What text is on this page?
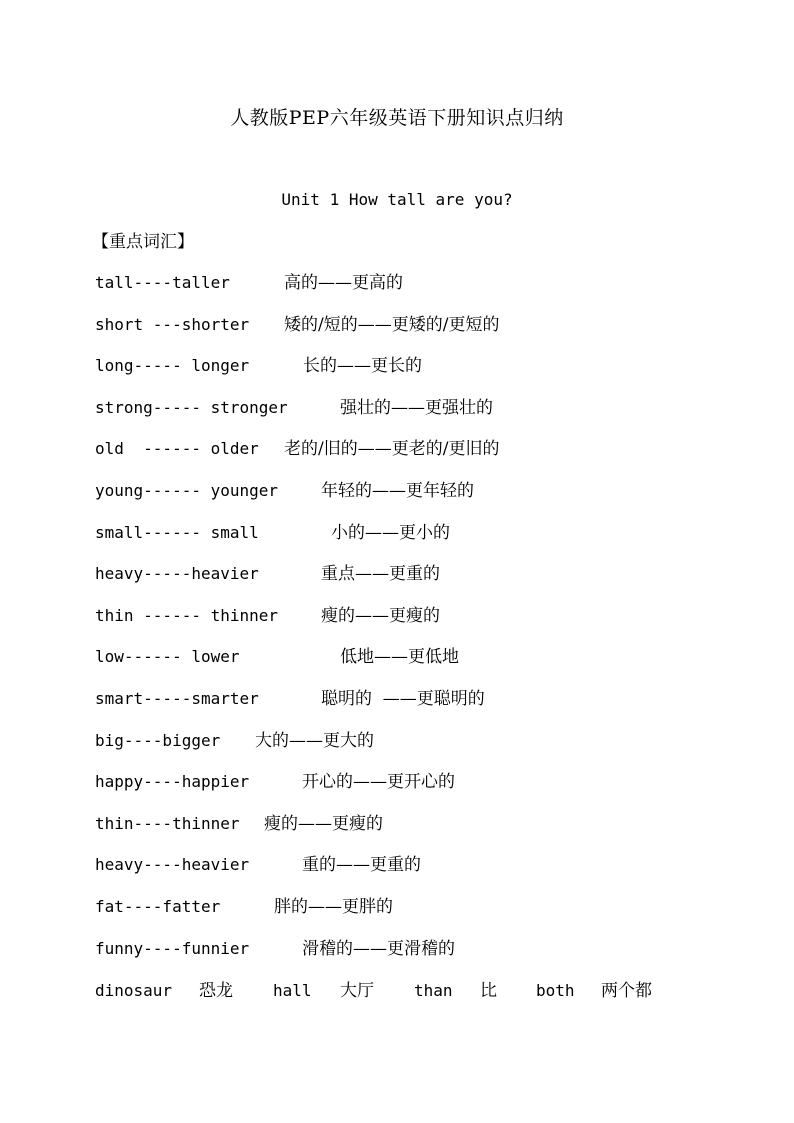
人教版PEP六年级英语下册知识点归纳
Unit 1 How tall are you?
【重点词汇】
tall----taller	高的——更高的
short ---shorter 矮的/短的——更矮的/更短的
long----- longer	长的——更长的
strong----- stronger	强壮的——更强壮的
old  ------ older 老的/旧的——更老的/更旧的
young------ younger	年轻的——更年轻的
small------ small	小的——更小的
heavy-----heavier	重点——更重的
thin ------ thinner	瘦的——更瘦的
low------ lower	低地——更低地
smart-----smarter	聪明的  ——更聪明的
big----bigger 大的——更大的
happy----happier	开心的——更开心的
thin----thinner 瘦的——更瘦的
heavy----heavier	重的——更重的
fat----fatter	胖的——更胖的
funny----funnier	滑稽的——更滑稽的
dinosaur 恐龙	hall 大厅	than 比 both 两个都
